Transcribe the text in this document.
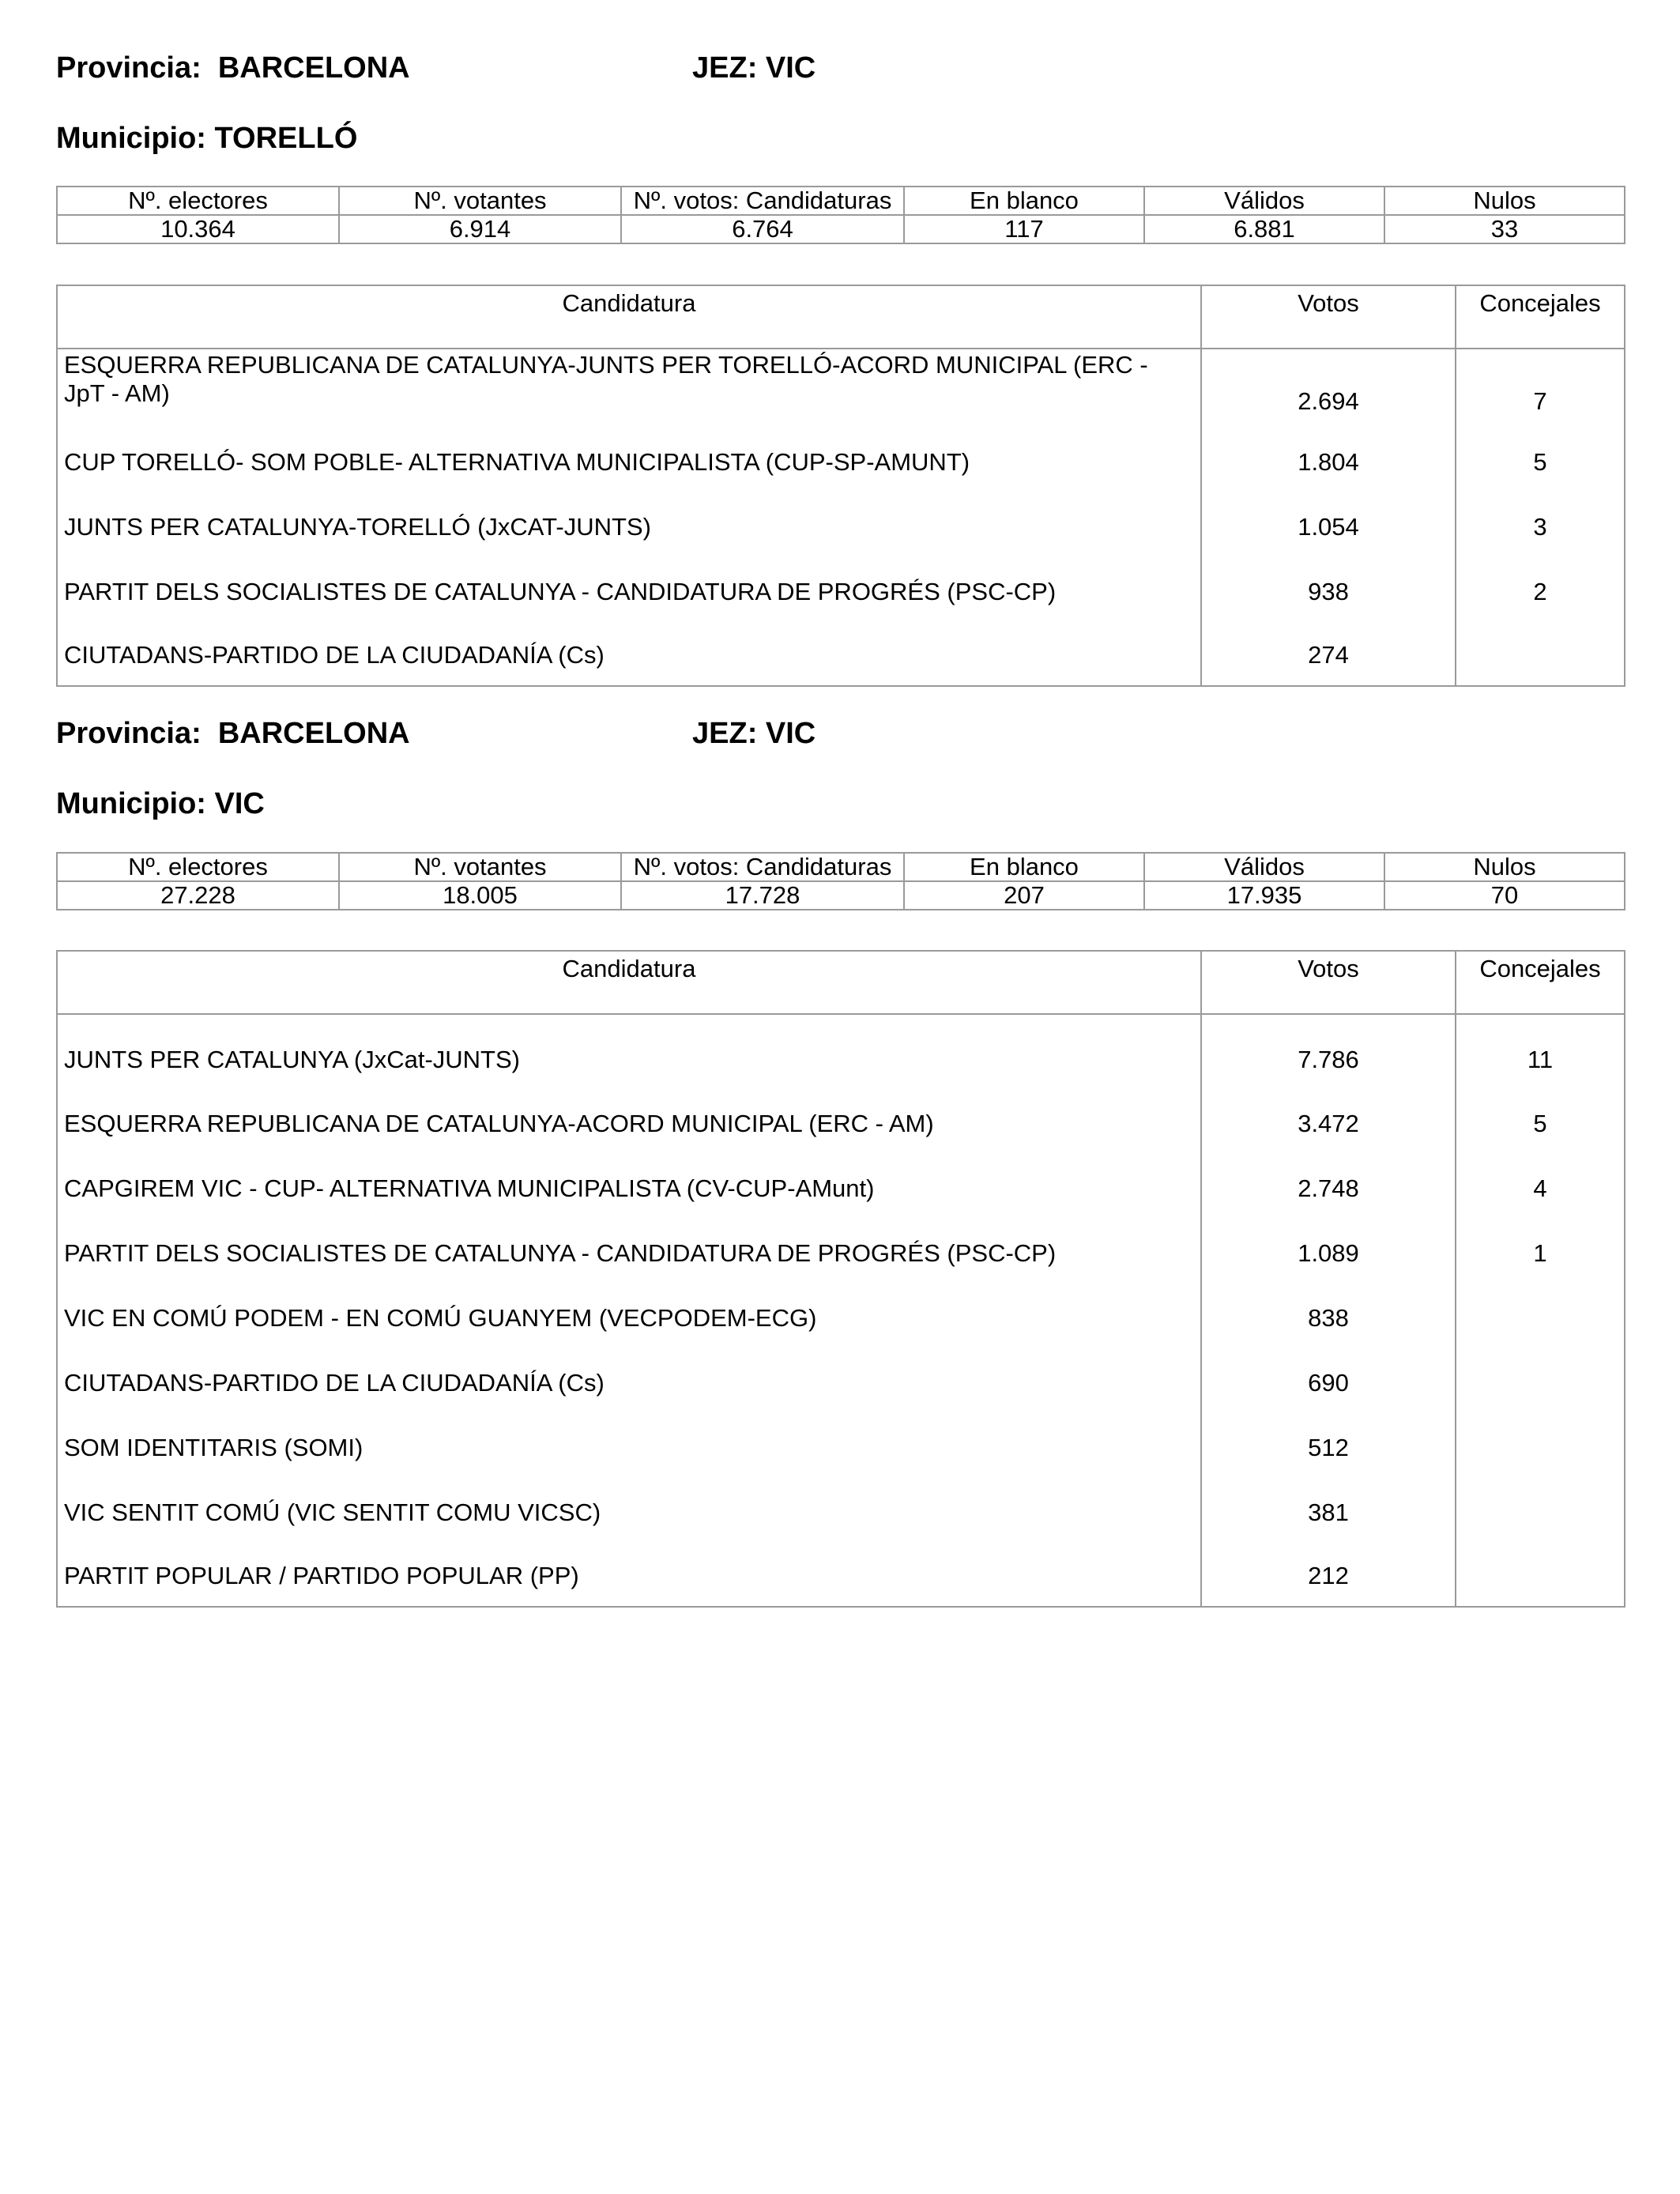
Provincia:  BARCELONA	JEZ: VIC
Municipio: TORELLÓ
Nº. electores	Nº. votantes	Nº. votos: Candidaturas	En blanco	Válidos	Nulos
10.364	6.914	6.764	117	6.881	33
Candidatura	Votos	Concejales
ESQUERRA REPUBLICANA DE CATALUNYA-JUNTS PER TORELLÓ-ACORD MUNICIPAL (ERC - JpT - AM)	2.694	7
CUP TORELLÓ- SOM POBLE- ALTERNATIVA MUNICIPALISTA (CUP-SP-AMUNT)	1.804	5
JUNTS PER CATALUNYA-TORELLÓ (JxCAT-JUNTS)	1.054	3
PARTIT DELS SOCIALISTES DE CATALUNYA - CANDIDATURA DE PROGRÉS (PSC-CP)	938	2
CIUTADANS-PARTIDO DE LA CIUDADANÍA (Cs)	274	
Provincia:  BARCELONA	JEZ: VIC
Municipio: VIC
Nº. electores	Nº. votantes	Nº. votos: Candidaturas	En blanco	Válidos	Nulos
27.228	18.005	17.728	207	17.935	70
Candidatura	Votos	Concejales
JUNTS PER CATALUNYA (JxCat-JUNTS)	7.786	11
ESQUERRA REPUBLICANA DE CATALUNYA-ACORD MUNICIPAL (ERC - AM)	3.472	5
CAPGIREM VIC - CUP- ALTERNATIVA MUNICIPALISTA (CV-CUP-AMunt)	2.748	4
PARTIT DELS SOCIALISTES DE CATALUNYA - CANDIDATURA DE PROGRÉS (PSC-CP)	1.089	1
VIC EN COMÚ PODEM - EN COMÚ GUANYEM (VECPODEM-ECG)	838	
CIUTADANS-PARTIDO DE LA CIUDADANÍA (Cs)	690	
SOM IDENTITARIS (SOMI)	512	
VIC SENTIT COMÚ (VIC SENTIT COMU VICSC)	381	
PARTIT POPULAR / PARTIDO POPULAR (PP)	212	
